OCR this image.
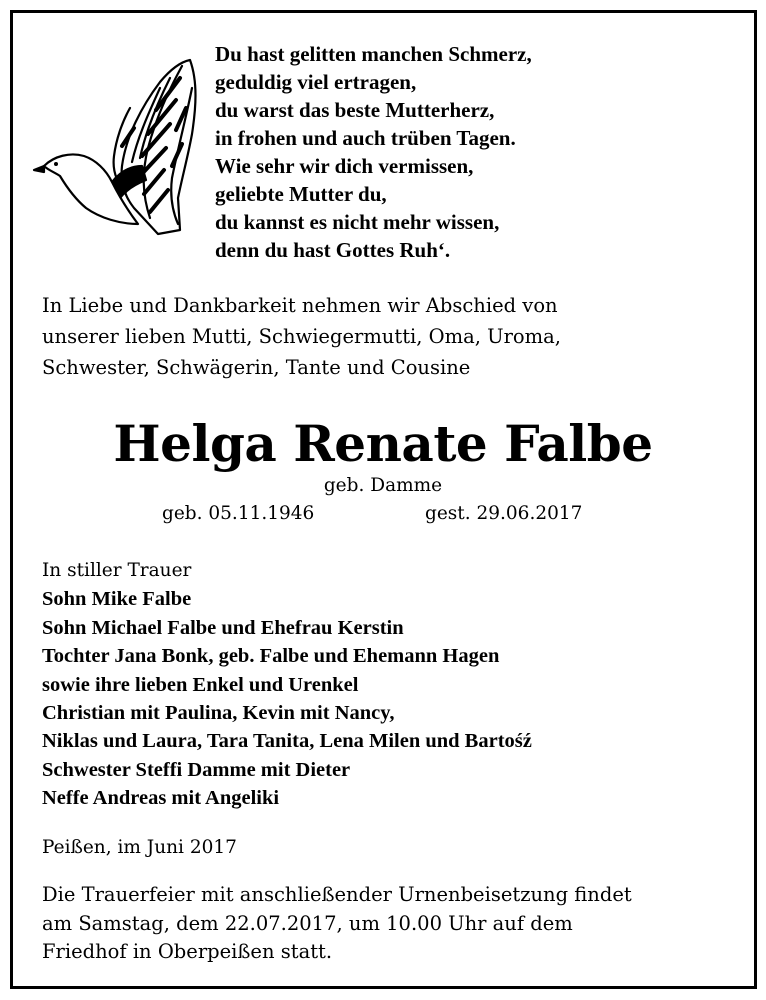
Du hast gelitten manchen Schmerz,
geduldig viel ertragen,
du warst das beste Mutterherz,
in frohen und auch trüben Tagen.
Wie sehr wir dich vermissen,
geliebte Mutter du,
du kannst es nicht mehr wissen,
denn du hast Gottes Ruh‘.
In Liebe und Dankbarkeit nehmen wir Abschied von
unserer lieben Mutti, Schwiegermutti, Oma, Uroma,
Schwester, Schwägerin, Tante und Cousine
Helga Renate Falbe
geb. Damme
geb. 05.11.1946	gest. 29.06.2017
In stiller Trauer
Sohn Mike Falbe
Sohn Michael Falbe und Ehefrau Kerstin
Tochter Jana Bonk, geb. Falbe und Ehemann Hagen
sowie ihre lieben Enkel und Urenkel
Christian mit Paulina, Kevin mit Nancy,
Niklas und Laura, Tara Tanita, Lena Milen und Bartośź
Schwester Steffi Damme mit Dieter
Neffe Andreas mit Angeliki
Peißen, im Juni 2017
Die Trauerfeier mit anschließender Urnenbeisetzung findet
am Samstag, dem 22.07.2017, um 10.00 Uhr auf dem
Friedhof in Oberpeißen statt.
